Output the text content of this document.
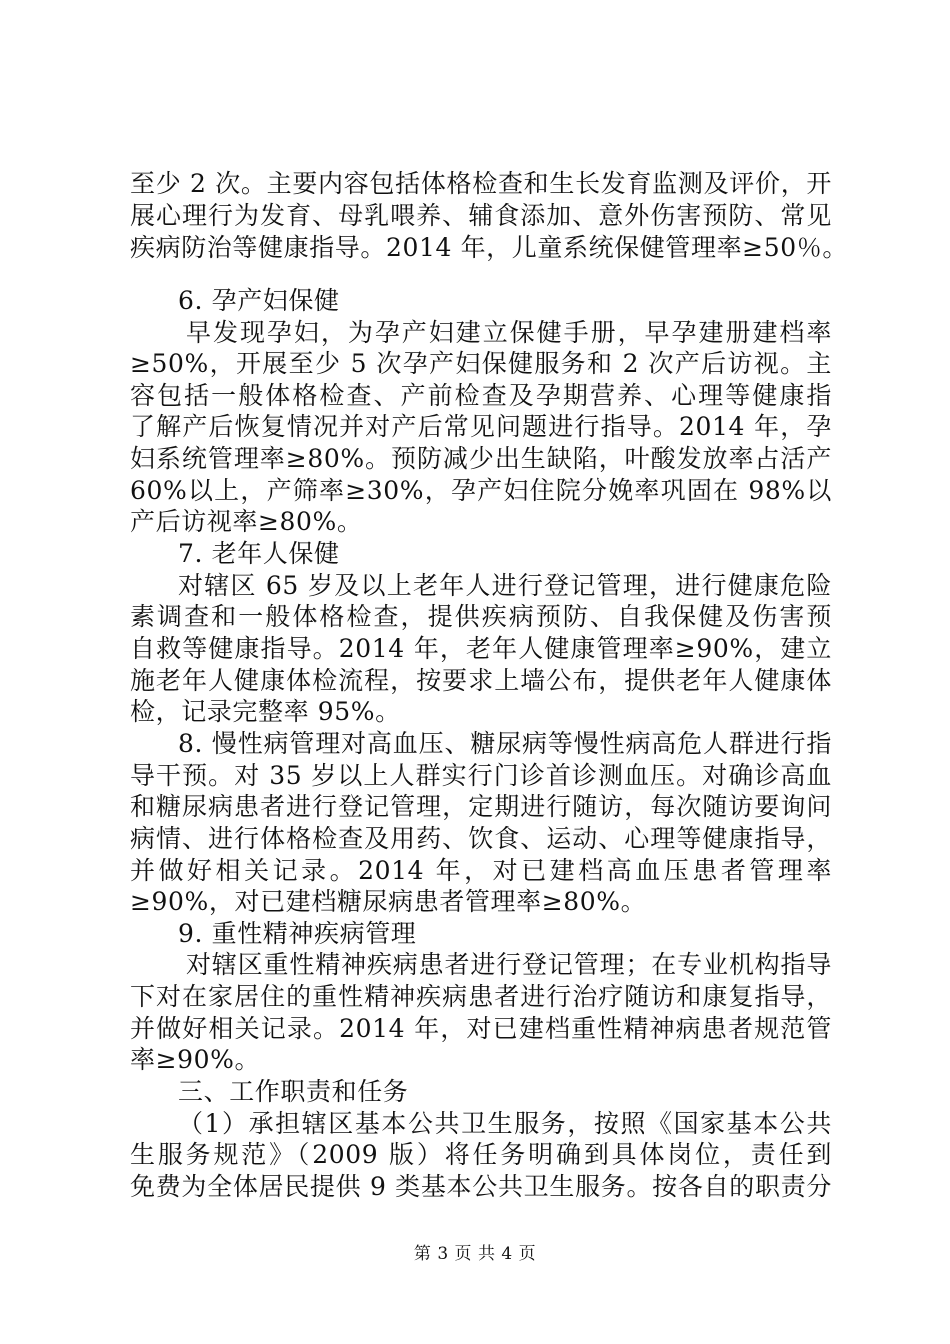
至少 2 次。主要内容包括体格检查和生长发育监测及评价，开
展心理行为发育、母乳喂养、辅食添加、意外伤害预防、常见
疾病防治等健康指导。2014 年，儿童系统保健管理率≥50％。
6. 孕产妇保健
早发现孕妇，为孕产妇建立保健手册，早孕建册建档率
≥50%，开展至少 5 次孕产妇保健服务和 2 次产后访视。主
容包括一般体格检查、产前检查及孕期营养、心理等健康指
了解产后恢复情况并对产后常见问题进行指导。2014 年，孕
妇系统管理率≥80%。预防减少出生缺陷，叶酸发放率占活产
60%以上，产筛率≥30%，孕产妇住院分娩率巩固在 98%以
产后访视率≥80%。
7. 老年人保健
对辖区 65 岁及以上老年人进行登记管理，进行健康危险
素调查和一般体格检查，提供疾病预防、自我保健及伤害预
自救等健康指导。2014 年，老年人健康管理率≥90%，建立
施老年人健康体检流程，按要求上墙公布，提供老年人健康体
检，记录完整率 95%。
8. 慢性病管理对高血压、糖尿病等慢性病高危人群进行指
导干预。对 35 岁以上人群实行门诊首诊测血压。对确诊高血
和糖尿病患者进行登记管理，定期进行随访，每次随访要询问
病情、进行体格检查及用药、饮食、运动、心理等健康指导，
并做好相关记录。2014 年，对已建档高血压患者管理率
≥90%，对已建档糖尿病患者管理率≥80%。
9. 重性精神疾病管理
对辖区重性精神疾病患者进行登记管理；在专业机构指导
下对在家居住的重性精神疾病患者进行治疗随访和康复指导，
并做好相关记录。2014 年，对已建档重性精神病患者规范管
率≥90%。
三、工作职责和任务
（1）承担辖区基本公共卫生服务，按照《国家基本公共
生服务规范》（2009 版）将任务明确到具体岗位，责任到
免费为全体居民提供 9 类基本公共卫生服务。按各自的职责分
第 3 页 共 4 页
